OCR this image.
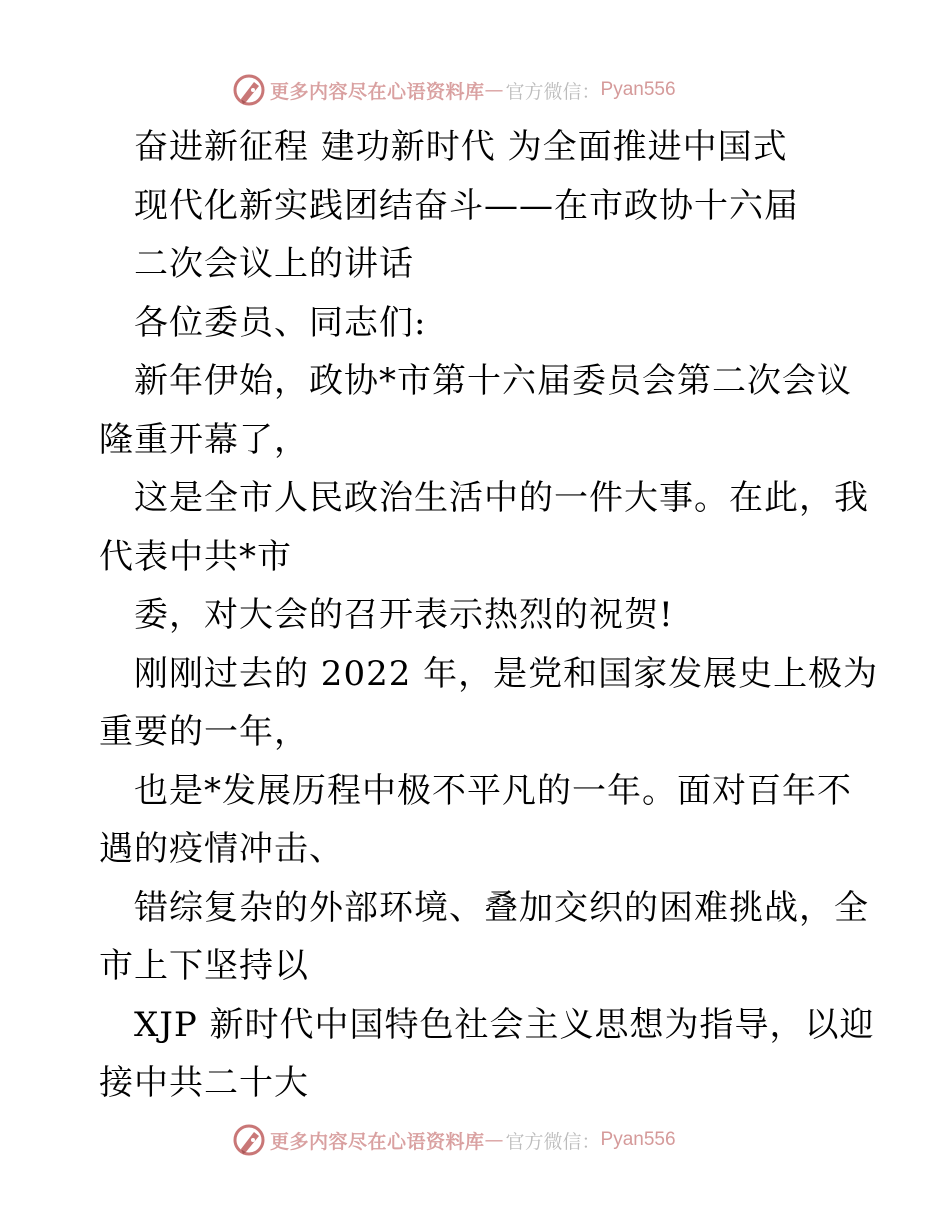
更多内容尽在心语资料库 — 官方微信： Pyan556
奋进新征程 建功新时代 为全面推进中国式
现代化新实践团结奋斗——在市政协十六届
二次会议上的讲话
各位委员、同志们:
新年伊始，政协*市第十六届委员会第二次会议
隆重开幕了，
这是全市人民政治生活中的一件大事。在此，我
代表中共*市
委，对大会的召开表示热烈的祝贺!
刚刚过去的 2022 年，是党和国家发展史上极为
重要的一年，
也是*发展历程中极不平凡的一年。面对百年不
遇的疫情冲击、
错综复杂的外部环境、叠加交织的困难挑战，全
市上下坚持以
XJP 新时代中国特色社会主义思想为指导，以迎
接中共二十大
更多内容尽在心语资料库 — 官方微信： Pyan556
